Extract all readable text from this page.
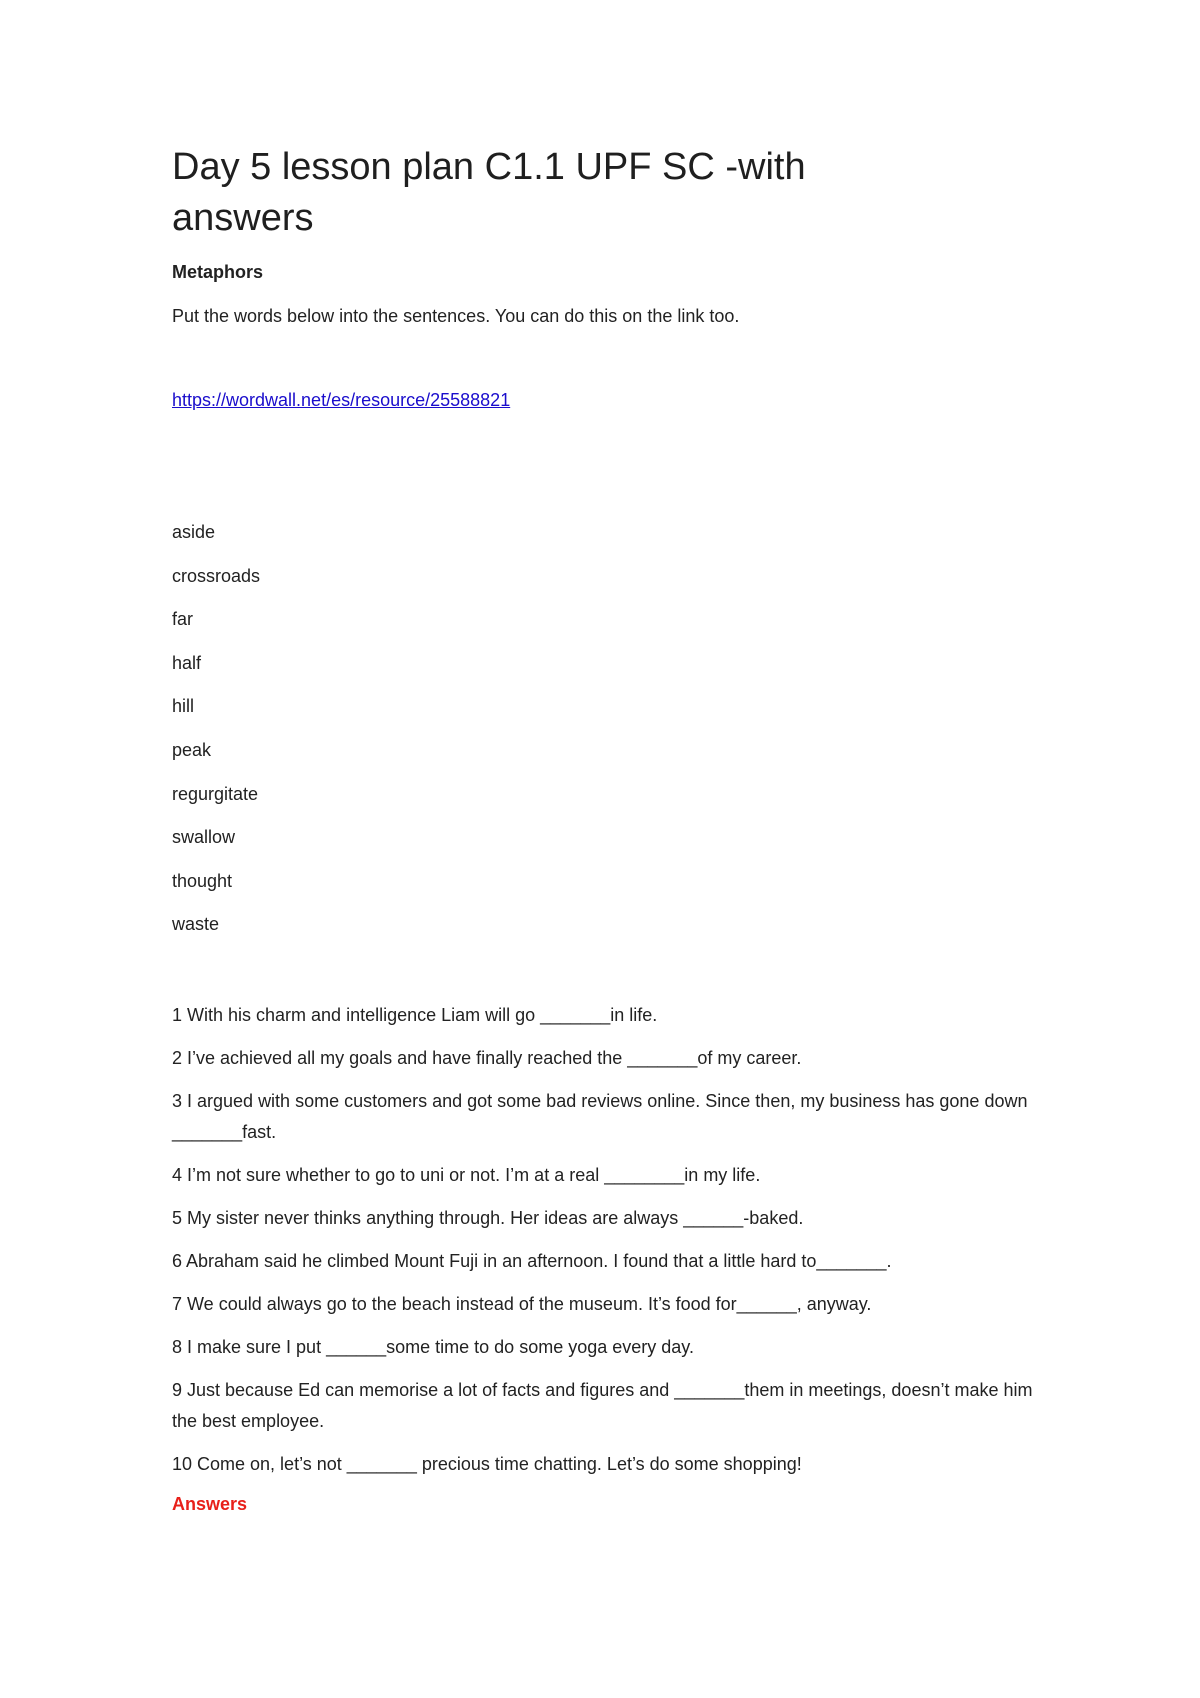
Day 5 lesson plan C1.1 UPF SC -with answers
Metaphors
Put the words below into the sentences. You can do this on the link too.
https://wordwall.net/es/resource/25588821
aside
crossroads
far
half
hill
peak
regurgitate
swallow
thought
waste
1 With his charm and intelligence Liam will go _______in life.
2 I’ve achieved all my goals and have finally reached the _______of my career.
3 I argued with some customers and got some bad reviews online. Since then, my business has gone down _______fast.
4 I’m not sure whether to go to uni or not. I’m at a real ________in my life.
5 My sister never thinks anything through. Her ideas are always ______-baked.
6 Abraham said he climbed Mount Fuji in an afternoon. I found that a little hard to_______.
7 We could always go to the beach instead of the museum. It’s food for______, anyway.
8 I make sure I put ______some time to do some yoga every day.
9 Just because Ed can memorise a lot of facts and figures and _______them in meetings, doesn’t make him the best employee.
10 Come on, let’s not _______ precious time chatting. Let’s do some shopping!
Answers
